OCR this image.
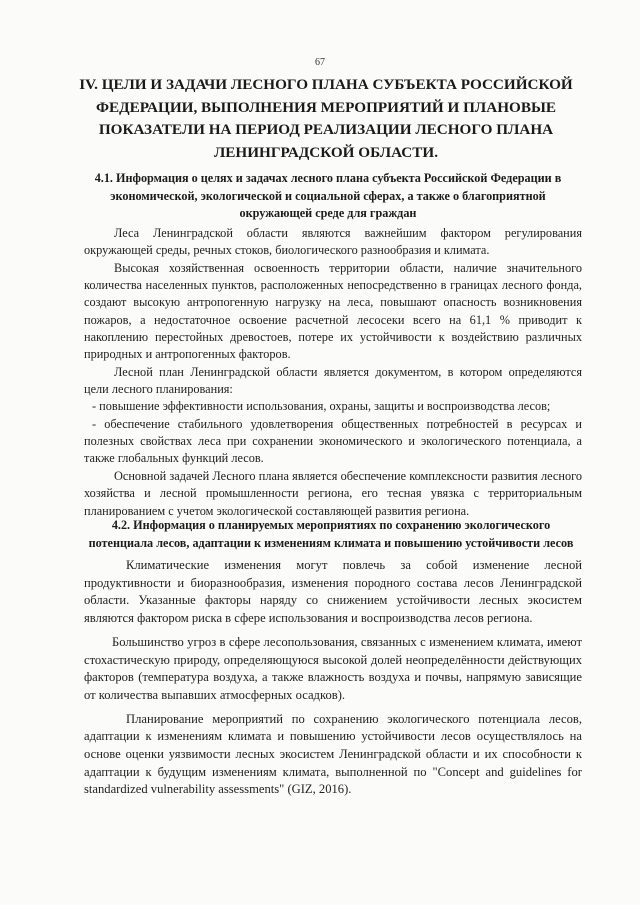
67
IV. ЦЕЛИ И ЗАДАЧИ ЛЕСНОГО ПЛАНА СУБЪЕКТА РОССИЙСКОЙ ФЕДЕРАЦИИ, ВЫПОЛНЕНИЯ МЕРОПРИЯТИЙ И ПЛАНОВЫЕ ПОКАЗАТЕЛИ НА ПЕРИОД РЕАЛИЗАЦИИ ЛЕСНОГО ПЛАНА ЛЕНИНГРАДСКОЙ ОБЛАСТИ.
4.1. Информация о целях и задачах лесного плана субъекта Российской Федерации в экономической, экологической и социальной сферах, а также о благоприятной окружающей среде для граждан

Леса Ленинградской области являются важнейшим фактором регулирования окружающей среды, речных стоков, биологического разнообразия и климата.

Высокая хозяйственная освоенность территории области, наличие значительного количества населенных пунктов, расположенных непосредственно в границах лесного фонда, создают высокую антропогенную нагрузку на леса, повышают опасность возникновения пожаров, а недостаточное освоение расчетной лесосеки всего на 61,1 % приводит к накоплению перестойных древостоев, потере их устойчивости к воздействию различных природных и антропогенных факторов.

Лесной план Ленинградской области является документом, в котором определяются цели лесного планирования:

- повышение эффективности использования, охраны, защиты и воспроизводства лесов;

- обеспечение стабильного удовлетворения общественных потребностей в ресурсах и полезных свойствах леса при сохранении экономического и экологического потенциала, а также глобальных функций лесов.

Основной задачей Лесного плана является обеспечение комплексности развития лесного хозяйства и лесной промышленности региона, его тесная увязка с территориальным планированием с учетом экологической составляющей развития региона.

4.2. Информация о планируемых мероприятиях по сохранению экологического потенциала лесов, адаптации к изменениям климата и повышению устойчивости лесов

Климатические изменения могут повлечь за собой изменение лесной продуктивности и биоразнообразия, изменения породного состава лесов Ленинградской области. Указанные факторы наряду со снижением устойчивости лесных экосистем являются фактором риска в сфере использования и воспроизводства лесов региона.

Большинство угроз в сфере лесопользования, связанных с изменением климата, имеют стохастическую природу, определяющуюся высокой долей неопределённости действующих факторов (температура воздуха, а также влажность воздуха и почвы, напрямую зависящие от количества выпавших атмосферных осадков).

Планирование мероприятий по сохранению экологического потенциала лесов, адаптации к изменениям климата и повышению устойчивости лесов осуществлялось на основе оценки уязвимости лесных экосистем Ленинградской области и их способности к адаптации к будущим изменениям климата, выполненной по "Concept and guidelines for standardized vulnerability assessments" (GIZ, 2016).
